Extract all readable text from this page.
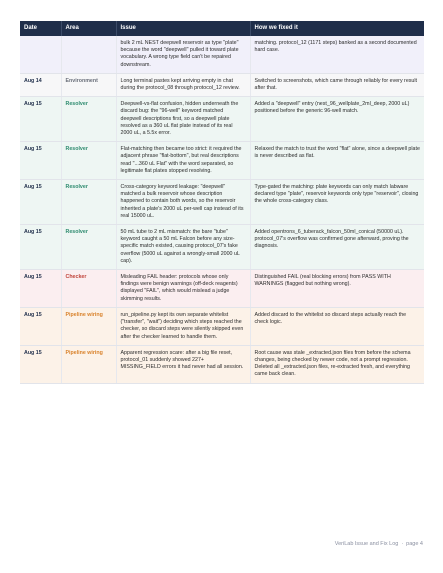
Date	Area	Issue	How we fixed it
		bulk 2 mL NEST deepwell reservoir as type "plate" because the word "deepwell" pulled it toward plate vocabulary. A wrong type field can't be repaired downstream.	matching. protocol_12 (1171 steps) banked as a second documented hard case.
Aug 14	Environment	Long terminal pastes kept arriving empty in chat during the protocol_08 through protocol_12 review.	Switched to screenshots, which came through reliably for every result after that.
Aug 15	Resolver	Deepwell-vs-flat confusion, hidden underneath the discard bug: the "96-well" keyword matched deepwell descriptions first, so a deepwell plate resolved as a 360 uL flat plate instead of its real 2000 uL, a 5.5x error.	Added a "deepwell" entry (nest_96_wellplate_2ml_deep, 2000 uL) positioned before the generic 96-well match.
Aug 15	Resolver	Flat-matching then became too strict: it required the adjacent phrase "flat-bottom", but real descriptions read "...360 uL Flat" with the word separated, so legitimate flat plates stopped resolving.	Relaxed the match to trust the word "flat" alone, since a deepwell plate is never described as flat.
Aug 15	Resolver	Cross-category keyword leakage: "deepwell" matched a bulk reservoir whose description happened to contain both words, so the reservoir inherited a plate's 2000 uL per-well cap instead of its real 15000 uL.	Type-gated the matching: plate keywords can only match labware declared type "plate", reservoir keywords only type "reservoir", closing the whole cross-category class.
Aug 15	Resolver	50 mL tube to 2 mL mismatch: the bare "tube" keyword caught a 50 mL Falcon before any size-specific match existed, causing protocol_07's fake overflow (5000 uL against a wrongly-small 2000 uL cap).	Added opentrons_6_tuberack_falcon_50ml_conical (50000 uL). protocol_07's overflow was confirmed gone afterward, proving the diagnosis.
Aug 15	Checker	Misleading FAIL header: protocols whose only findings were benign warnings (off-deck reagents) displayed "FAIL", which would mislead a judge skimming results.	Distinguished FAIL (real blocking errors) from PASS WITH WARNINGS (flagged but nothing wrong).
Aug 15	Pipeline wiring	run_pipeline.py kept its own separate whitelist ("transfer", "wait") deciding which steps reached the checker, so discard steps were silently skipped even after the checker learned to handle them.	Added discard to the whitelist so discard steps actually reach the check logic.
Aug 15	Pipeline wiring	Apparent regression scare: after a big file reset, protocol_01 suddenly showed 227+ MISSING_FIELD errors it had never had all session.	Root cause was stale _extracted.json files from before the schema changes, being checked by newer code, not a prompt regression. Deleted all _extracted.json files, re-extracted fresh, and everything came back clean.
VeriLab Issue and Fix Log · page 4
